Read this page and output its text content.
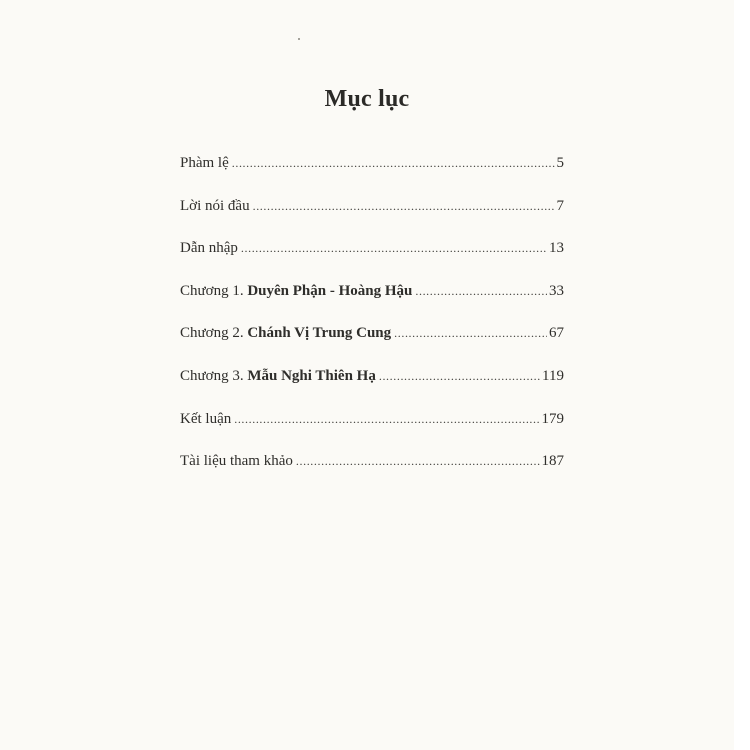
Mục lục
Phàm lệ .....	5
Lời nói đầu .....	7
Dẫn nhập .....	13
Chương 1. Duyên Phận - Hoàng Hậu .....	33
Chương 2. Chánh Vị Trung Cung .....	67
Chương 3. Mẫu Nghi Thiên Hạ .....	119
Kết luận .....	179
Tài liệu tham khảo .....	187
